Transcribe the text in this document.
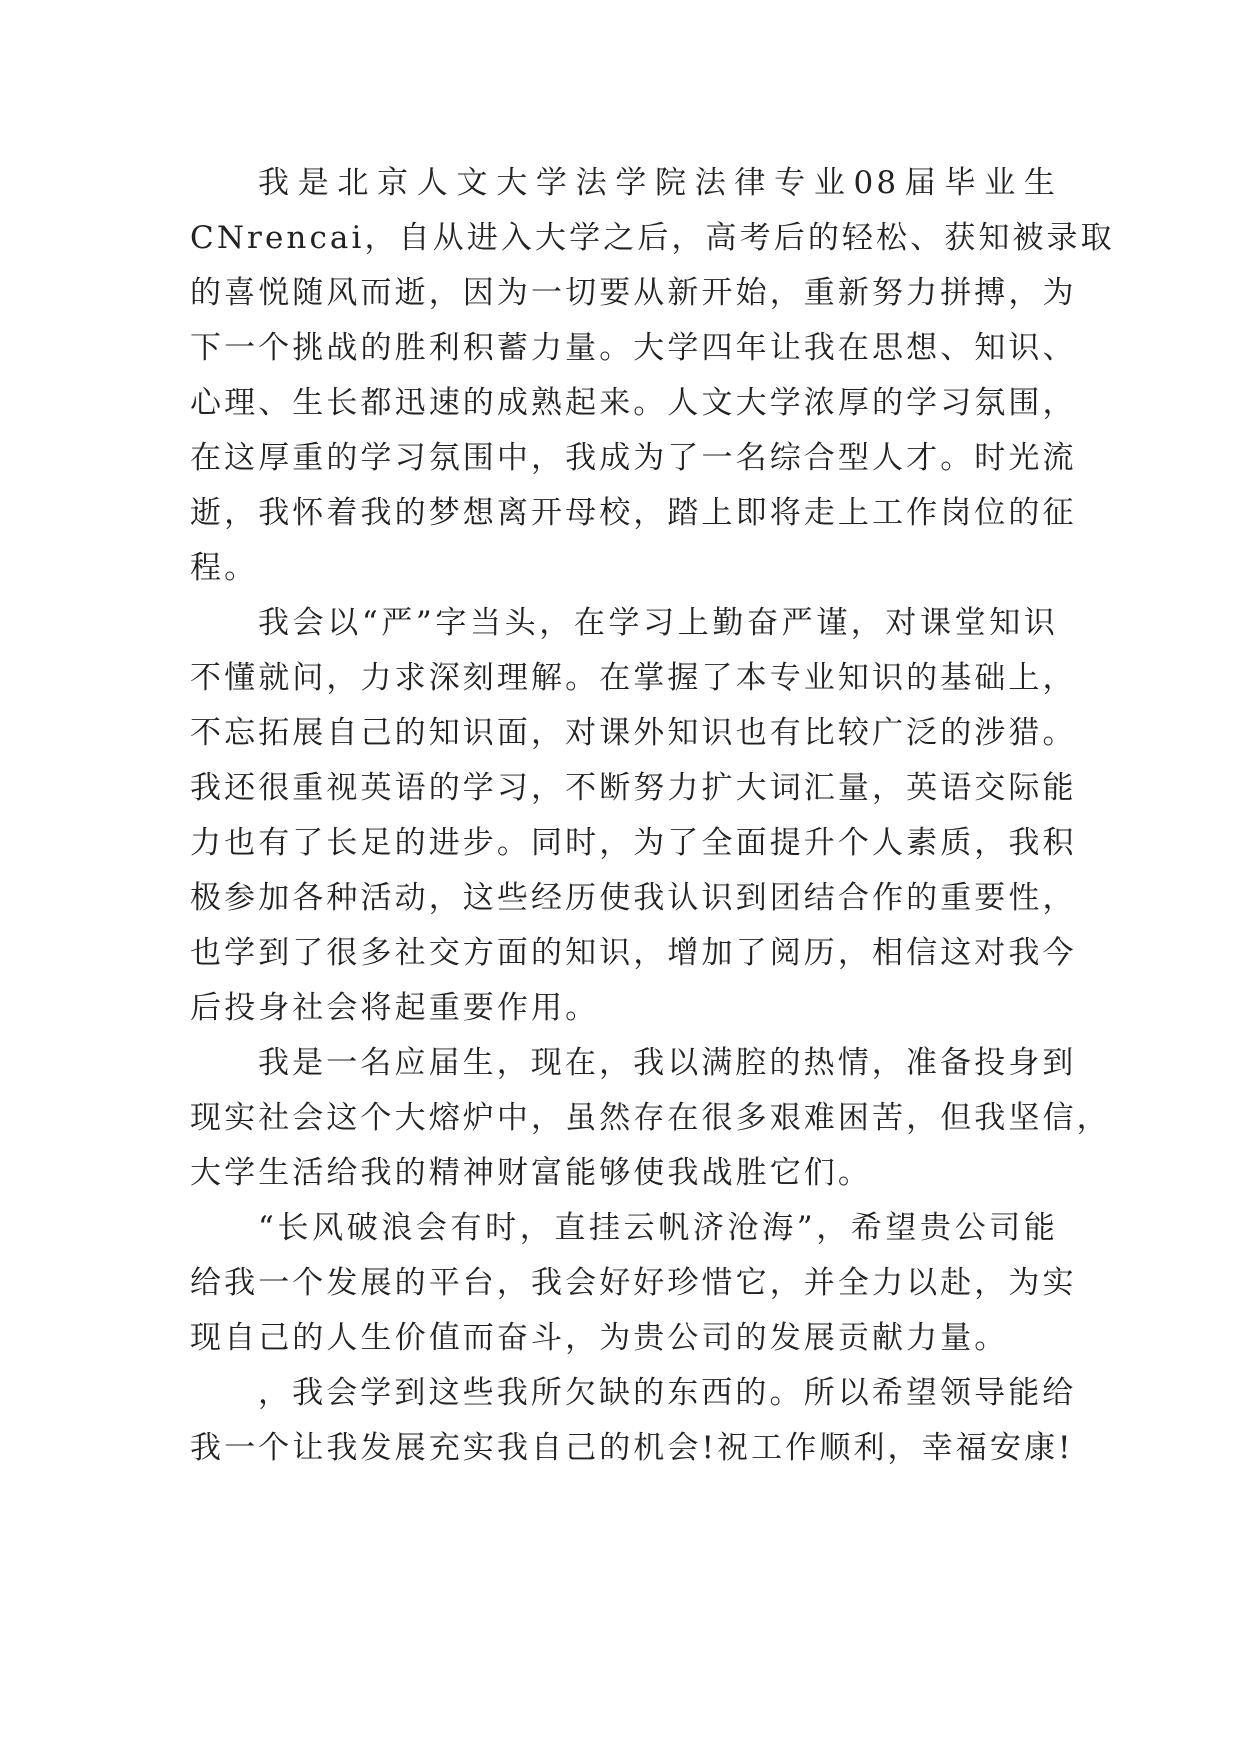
我是北京人文大学法学院法律专业08届毕业生
CNrencai，自从进入大学之后，高考后的轻松、获知被录取
的喜悦随风而逝，因为一切要从新开始，重新努力拼搏，为
下一个挑战的胜利积蓄力量。大学四年让我在思想、知识、
心理、生长都迅速的成熟起来。人文大学浓厚的学习氛围，
在这厚重的学习氛围中，我成为了一名综合型人才。时光流
逝，我怀着我的梦想离开母校，踏上即将走上工作岗位的征
程。
我会以“严”字当头，在学习上勤奋严谨，对课堂知识
不懂就问，力求深刻理解。在掌握了本专业知识的基础上，
不忘拓展自己的知识面，对课外知识也有比较广泛的涉猎。
我还很重视英语的学习，不断努力扩大词汇量，英语交际能
力也有了长足的进步。同时，为了全面提升个人素质，我积
极参加各种活动，这些经历使我认识到团结合作的重要性，
也学到了很多社交方面的知识，增加了阅历，相信这对我今
后投身社会将起重要作用。
我是一名应届生，现在，我以满腔的热情，准备投身到
现实社会这个大熔炉中，虽然存在很多艰难困苦，但我坚信，
大学生活给我的精神财富能够使我战胜它们。
“长风破浪会有时，直挂云帆济沧海”，希望贵公司能
给我一个发展的平台，我会好好珍惜它，并全力以赴，为实
现自己的人生价值而奋斗，为贵公司的发展贡献力量。
，我会学到这些我所欠缺的东西的。所以希望领导能给
我一个让我发展充实我自己的机会!祝工作顺利，幸福安康!
